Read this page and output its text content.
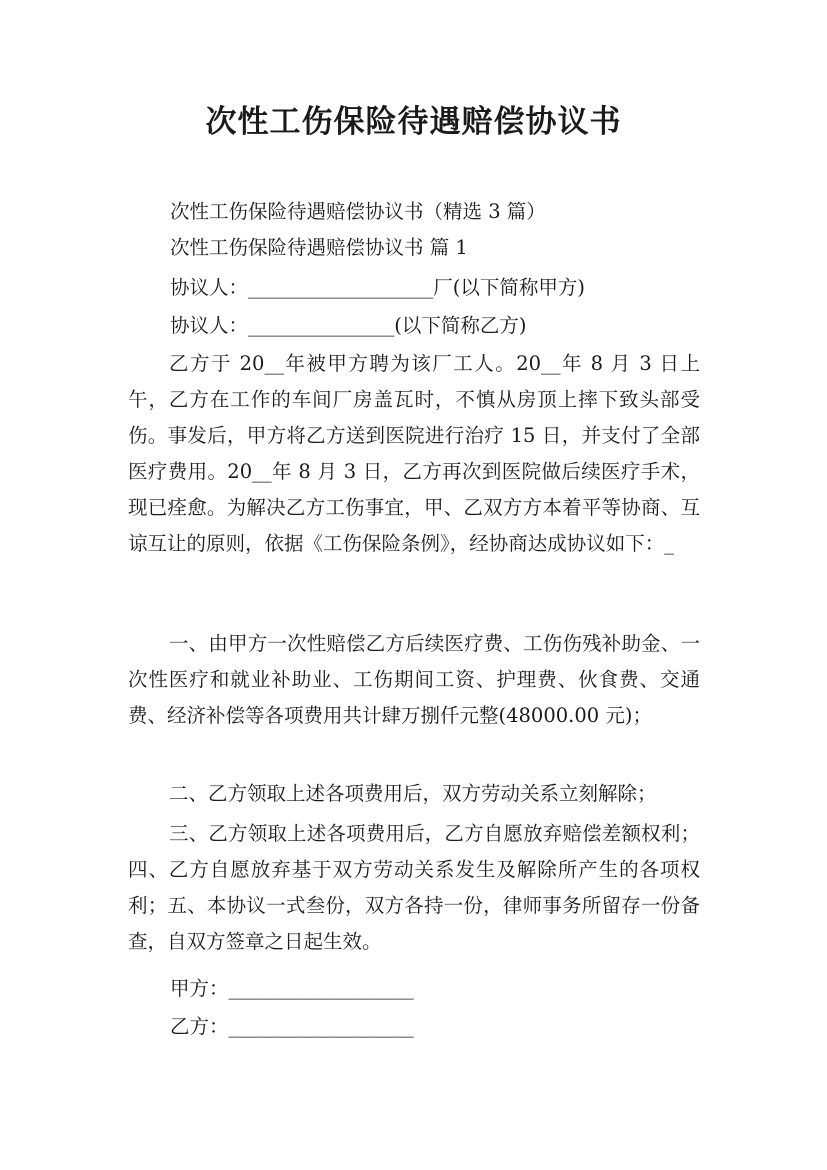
次性工伤保险待遇赔偿协议书
次性工伤保险待遇赔偿协议书（精选 3 篇）
次性工伤保险待遇赔偿协议书 篇 1
协议人：___________________厂(以下简称甲方)
协议人：_______________(以下简称乙方)
乙方于 20__年被甲方聘为该厂工人。20__年 8 月 3 日上午，乙方在工作的车间厂房盖瓦时，不慎从房顶上摔下致头部受伤。事发后，甲方将乙方送到医院进行治疗 15 日，并支付了全部医疗费用。20__年 8 月 3 日，乙方再次到医院做后续医疗手术，现已痊愈。为解决乙方工伤事宜，甲、乙双方方本着平等协商、互谅互让的原则，依据《工伤保险条例》，经协商达成协议如下：_
一、由甲方一次性赔偿乙方后续医疗费、工伤伤残补助金、一次性医疗和就业补助业、工伤期间工资、护理费、伙食费、交通费、经济补偿等各项费用共计肆万捌仟元整(48000.00 元)；
二、乙方领取上述各项费用后，双方劳动关系立刻解除；
三、乙方领取上述各项费用后，乙方自愿放弃赔偿差额权利；四、乙方自愿放弃基于双方劳动关系发生及解除所产生的各项权利；五、本协议一式叁份，双方各持一份，律师事务所留存一份备查，自双方签章之日起生效。
甲方：___________________
乙方：___________________
